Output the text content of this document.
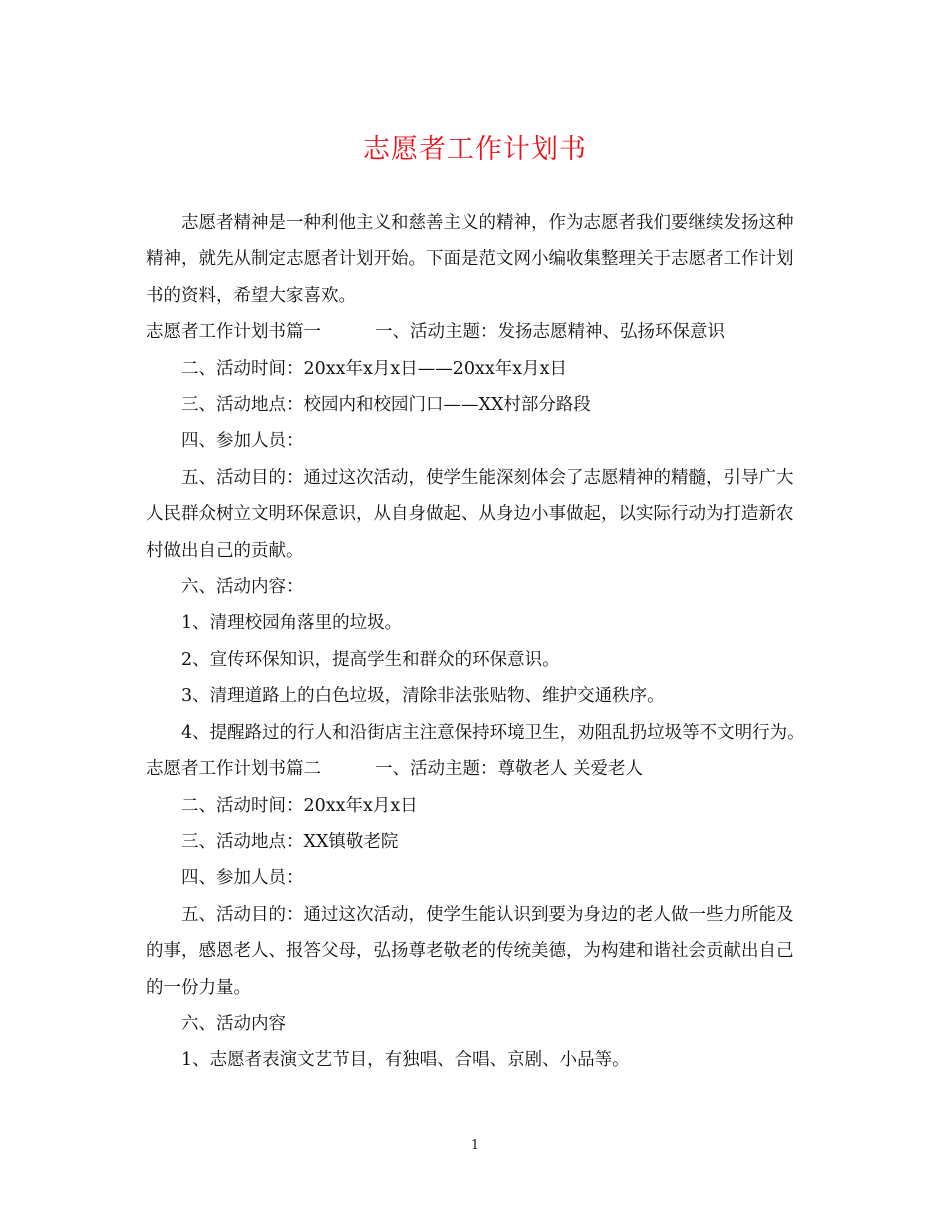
志愿者工作计划书

志愿者精神是一种利他主义和慈善主义的精神，作为志愿者我们要继续发扬这种精神，就先从制定志愿者计划开始。下面是范文网小编收集整理关于志愿者工作计划书的资料，希望大家喜欢。

志愿者工作计划书篇一	一、活动主题：发扬志愿精神、弘扬环保意识

二、活动时间：20xx年x月x日——20xx年x月x日

三、活动地点：校园内和校园门口——XX村部分路段

四、参加人员：

五、活动目的：通过这次活动，使学生能深刻体会了志愿精神的精髓，引导广大人民群众树立文明环保意识，从自身做起、从身边小事做起，以实际行动为打造新农村做出自己的贡献。

六、活动内容：

1、清理校园角落里的垃圾。

2、宣传环保知识，提高学生和群众的环保意识。

3、清理道路上的白色垃圾，清除非法张贴物、维护交通秩序。

4、提醒路过的行人和沿街店主注意保持环境卫生，劝阻乱扔垃圾等不文明行为。

志愿者工作计划书篇二	一、活动主题：尊敬老人 关爱老人

二、活动时间：20xx年x月x日

三、活动地点：XX镇敬老院

四、参加人员：

五、活动目的：通过这次活动，使学生能认识到要为身边的老人做一些力所能及的事，感恩老人、报答父母，弘扬尊老敬老的传统美德，为构建和谐社会贡献出自己的一份力量。

六、活动内容

1、志愿者表演文艺节目，有独唱、合唱、京剧、小品等。

1
